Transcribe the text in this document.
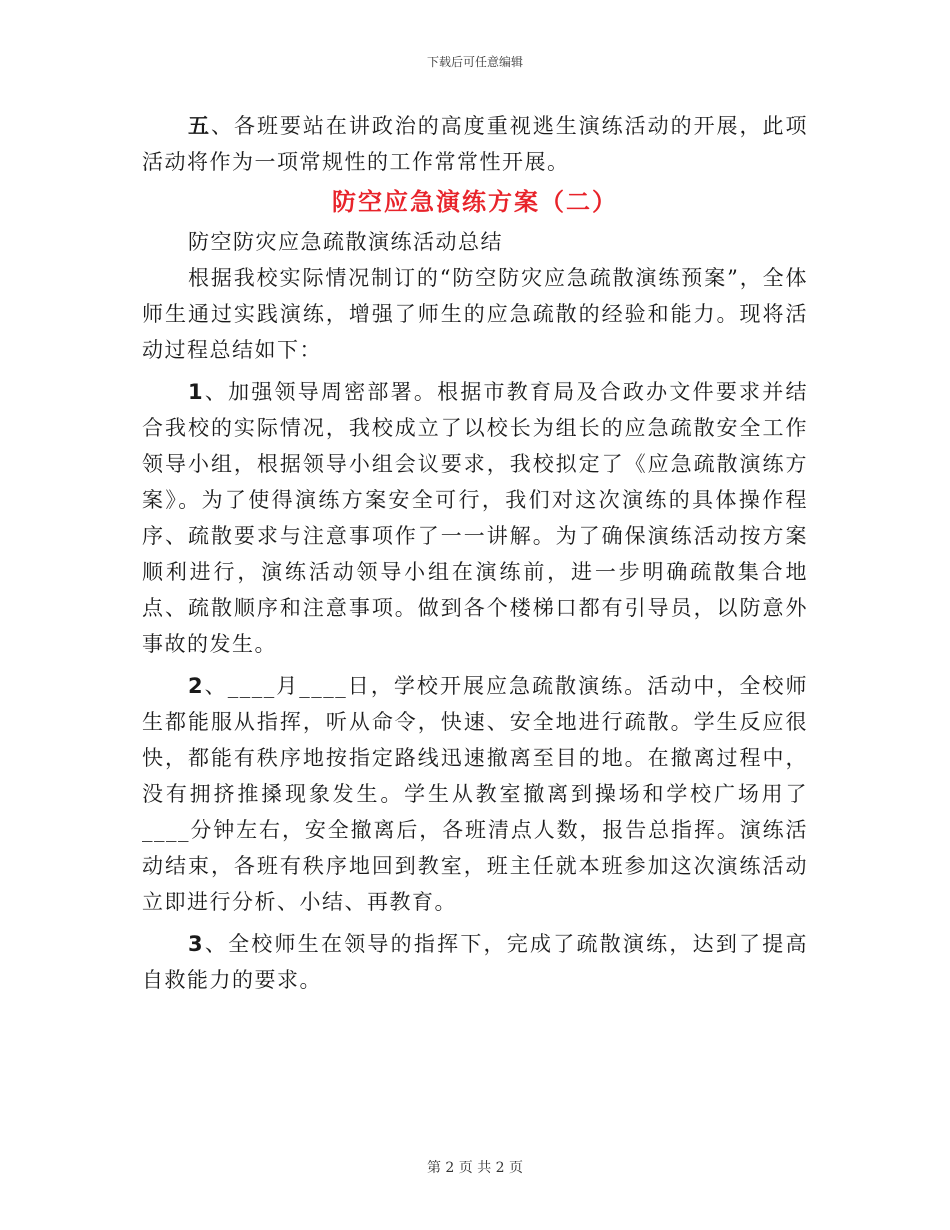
下载后可任意编辑

五、各班要站在讲政治的高度重视逃生演练活动的开展，此项活动将作为一项常规性的工作常常性开展。

防空应急演练方案（二）

防空防灾应急疏散演练活动总结

根据我校实际情况制订的“防空防灾应急疏散演练预案”，全体师生通过实践演练，增强了师生的应急疏散的经验和能力。现将活动过程总结如下：

1、加强领导周密部署。根据市教育局及合政办文件要求并结合我校的实际情况，我校成立了以校长为组长的应急疏散安全工作领导小组，根据领导小组会议要求，我校拟定了《应急疏散演练方案》。为了使得演练方案安全可行，我们对这次演练的具体操作程序、疏散要求与注意事项作了一一讲解。为了确保演练活动按方案顺利进行，演练活动领导小组在演练前，进一步明确疏散集合地点、疏散顺序和注意事项。做到各个楼梯口都有引导员，以防意外事故的发生。

2、____月____日，学校开展应急疏散演练。活动中，全校师生都能服从指挥，听从命令，快速、安全地进行疏散。学生反应很快，都能有秩序地按指定路线迅速撤离至目的地。在撤离过程中，没有拥挤推搡现象发生。学生从教室撤离到操场和学校广场用了____分钟左右，安全撤离后，各班清点人数，报告总指挥。演练活动结束，各班有秩序地回到教室，班主任就本班参加这次演练活动立即进行分析、小结、再教育。

3、全校师生在领导的指挥下，完成了疏散演练，达到了提高自救能力的要求。

第 2 页 共 2 页
